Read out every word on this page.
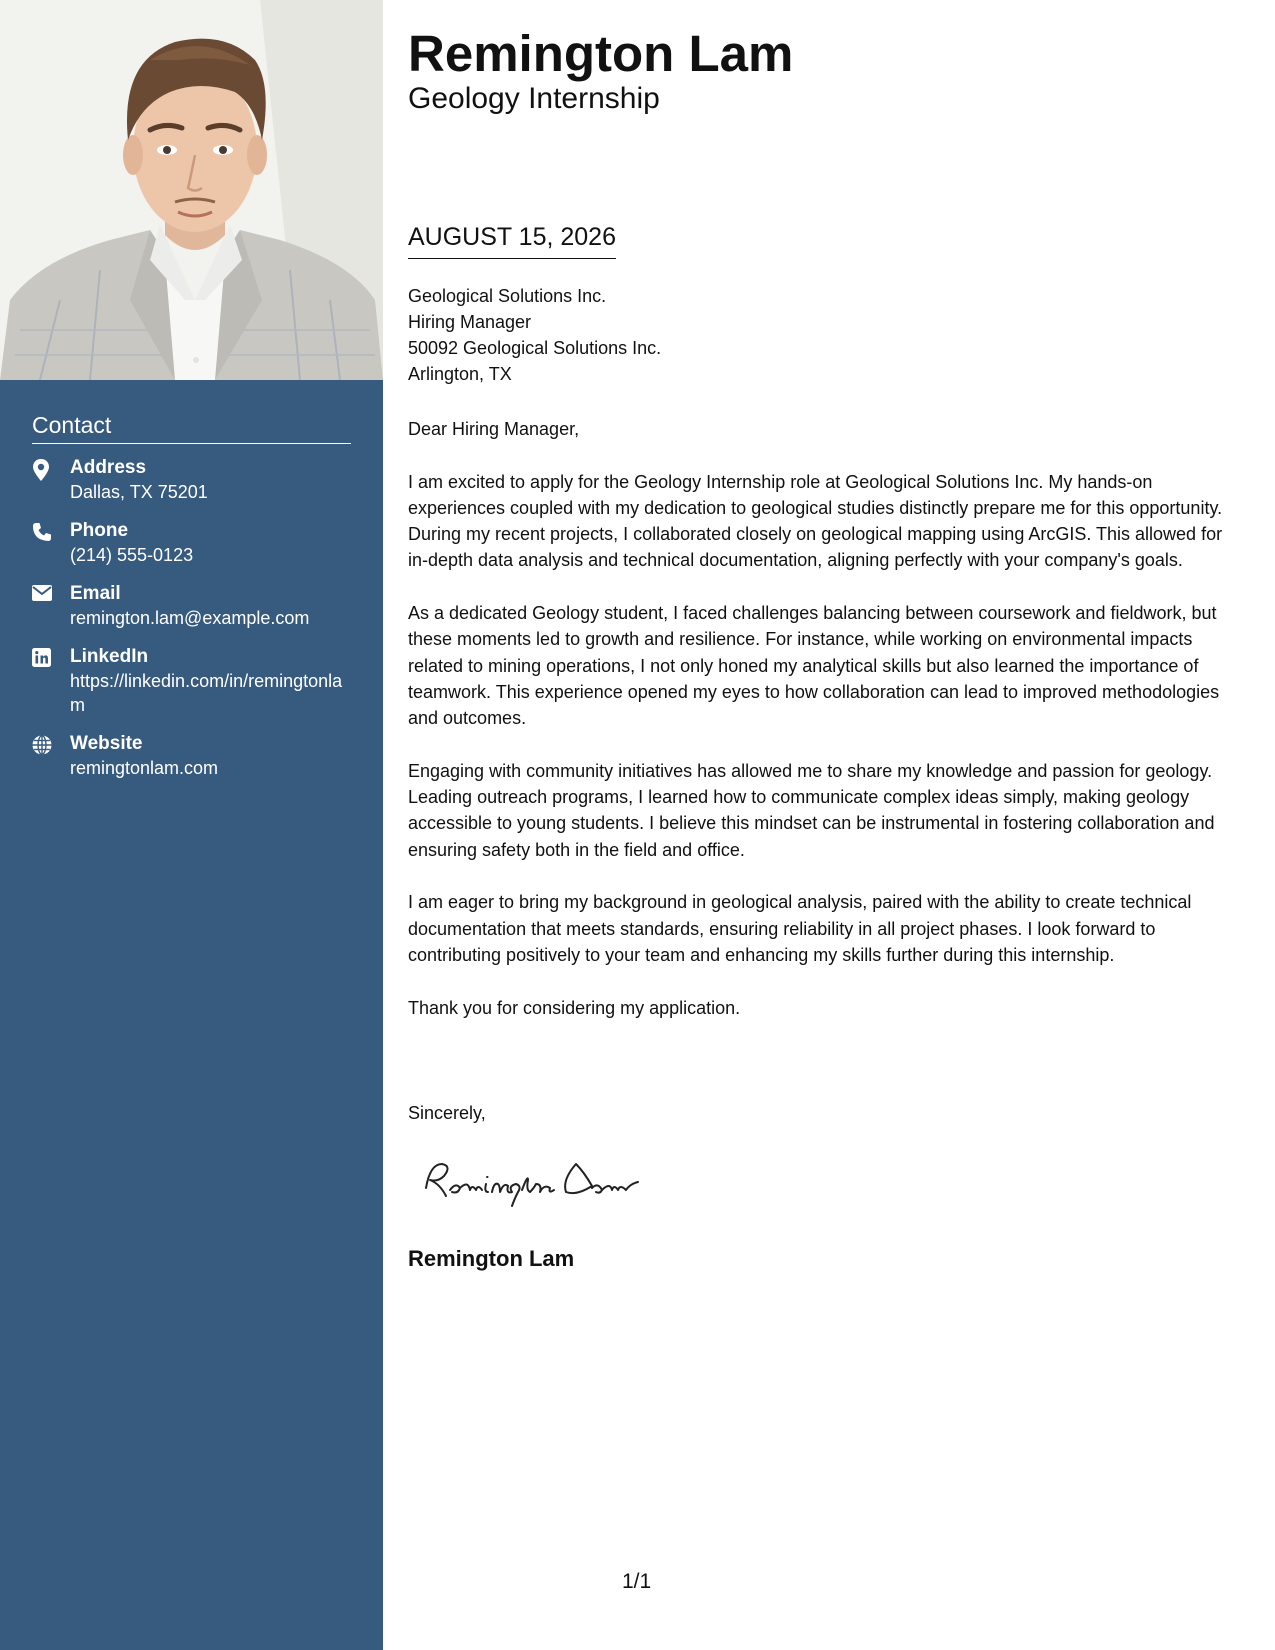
Contact
Address
Dallas, TX 75201
Phone
(214) 555-0123
Email
remington.lam@example.com
LinkedIn
https://linkedin.com/in/remingtonlam
Website
remingtonlam.com
Remington Lam
Geology Internship
AUGUST 15, 2026
Geological Solutions Inc.
Hiring Manager
50092 Geological Solutions Inc.
Arlington, TX

Dear Hiring Manager,

I am excited to apply for the Geology Internship role at Geological Solutions Inc. My hands-on experiences coupled with my dedication to geological studies distinctly prepare me for this opportunity. During my recent projects, I collaborated closely on geological mapping using ArcGIS. This allowed for in-depth data analysis and technical documentation, aligning perfectly with your company's goals.

As a dedicated Geology student, I faced challenges balancing between coursework and fieldwork, but these moments led to growth and resilience. For instance, while working on environmental impacts related to mining operations, I not only honed my analytical skills but also learned the importance of teamwork. This experience opened my eyes to how collaboration can lead to improved methodologies and outcomes.

Engaging with community initiatives has allowed me to share my knowledge and passion for geology. Leading outreach programs, I learned how to communicate complex ideas simply, making geology accessible to young students. I believe this mindset can be instrumental in fostering collaboration and ensuring safety both in the field and office.

I am eager to bring my background in geological analysis, paired with the ability to create technical documentation that meets standards, ensuring reliability in all project phases. I look forward to contributing positively to your team and enhancing my skills further during this internship.

Thank you for considering my application.

Sincerely,
Remington Lam
1/1
